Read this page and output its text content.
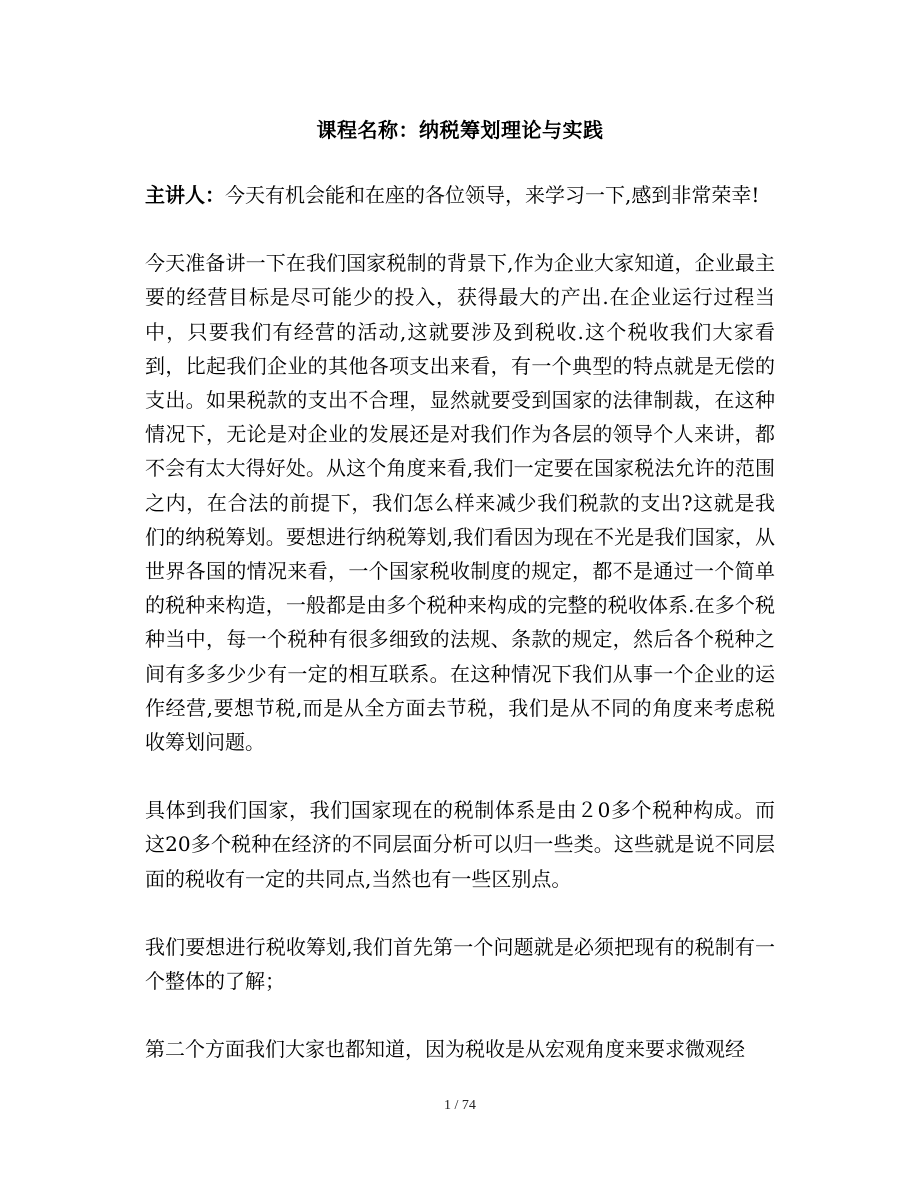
课程名称：纳税筹划理论与实践

主讲人：今天有机会能和在座的各位领导，来学习一下,感到非常荣幸!

今天准备讲一下在我们国家税制的背景下,作为企业大家知道，企业最主要的经营目标是尽可能少的投入，获得最大的产出.在企业运行过程当中，只要我们有经营的活动,这就要涉及到税收.这个税收我们大家看到，比起我们企业的其他各项支出来看，有一个典型的特点就是无偿的支出。如果税款的支出不合理，显然就要受到国家的法律制裁，在这种情况下，无论是对企业的发展还是对我们作为各层的领导个人来讲，都不会有太大得好处。从这个角度来看,我们一定要在国家税法允许的范围之内，在合法的前提下，我们怎么样来减少我们税款的支出?这就是我们的纳税筹划。要想进行纳税筹划,我们看因为现在不光是我们国家，从世界各国的情况来看，一个国家税收制度的规定，都不是通过一个简单的税种来构造，一般都是由多个税种来构成的完整的税收体系.在多个税种当中，每一个税种有很多细致的法规、条款的规定，然后各个税种之间有多多少少有一定的相互联系。在这种情况下我们从事一个企业的运作经营,要想节税,而是从全方面去节税，我们是从不同的角度来考虑税收筹划问题。

具体到我们国家，我们国家现在的税制体系是由２0多个税种构成。而这20多个税种在经济的不同层面分析可以归一些类。这些就是说不同层面的税收有一定的共同点,当然也有一些区别点。

我们要想进行税收筹划,我们首先第一个问题就是必须把现有的税制有一个整体的了解；

第二个方面我们大家也都知道，因为税收是从宏观角度来要求微观经

1 / 74
